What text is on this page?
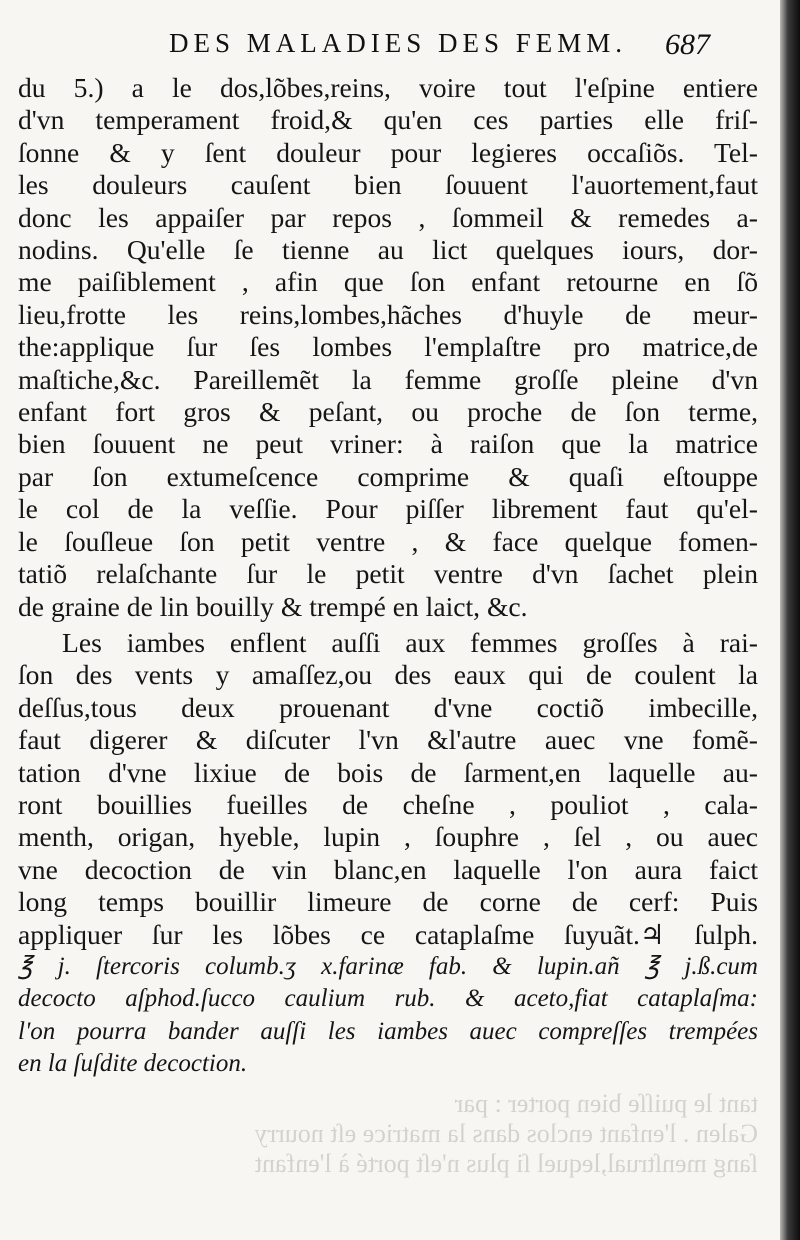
DES MALADIES DES FEMM. 687
du 5.) a le dos,lõbes,reins, voire tout l'eſpine entiere
d'vn temperament froid,& qu'en ces parties elle friſ-
ſonne & y ſent douleur pour legieres occaſiõs. Tel-
les douleurs cauſent bien ſouuent l'auortement,faut
donc les appaiſer par repos , ſommeil & remedes a-
nodins. Qu'elle ſe tienne au lict quelques iours, dor-
me paiſiblement , afin que ſon enfant retourne en ſõ
lieu,frotte les reins,lombes,hãches d'huyle de meur-
the:applique ſur ſes lombes l'emplaſtre pro matrice,de
maſtiche,&c. Pareillemẽt la femme groſſe pleine d'vn
enfant fort gros & peſant, ou proche de ſon terme,
bien ſouuent ne peut vriner: à raiſon que la matrice
par ſon extumeſcence comprime & quaſi eſtouppe
le col de la veſſie. Pour piſſer librement faut qu'el-
le ſouſleue ſon petit ventre , & face quelque fomen-
tatiõ relaſchante ſur le petit ventre d'vn ſachet plein
de graine de lin bouilly & trempé en laict, &c.
Les iambes enflent auſſi aux femmes groſſes à rai-
ſon des vents y amaſſez,ou des eaux qui de coulent la
deſſus,tous deux prouenant d'vne coctiõ imbecille,
faut digerer & diſcuter l'vn &l'autre auec vne fomẽ-
tation d'vne lixiue de bois de ſarment,en laquelle au-
ront bouillies fueilles de cheſne , pouliot , cala-
menth, origan, hyeble, lupin , ſouphre , ſel , ou auec
vne decoction de vin blanc,en laquelle l'on aura faict
long temps bouillir limeure de corne de cerf: Puis
appliquer ſur les lõbes ce cataplaſme ſuyuãt.♃ ſulph.
℥ j. ſtercoris columb.ʒ x.farinæ fab. & lupin.añ ℥ j.ß.cum
decocto aſphod.ſucco caulium rub. & aceto,fiat cataplaſma:
l'on pourra bander auſſi les iambes auec compreſſes trempées
en la ſuſdite decoction.
tant le puiſſe bien porter : par
Galen . l'enfant enclos dans la matrice eſt nourry
ſang menſtrual,lequel ſi plus n'eſt porté à l'enfant
